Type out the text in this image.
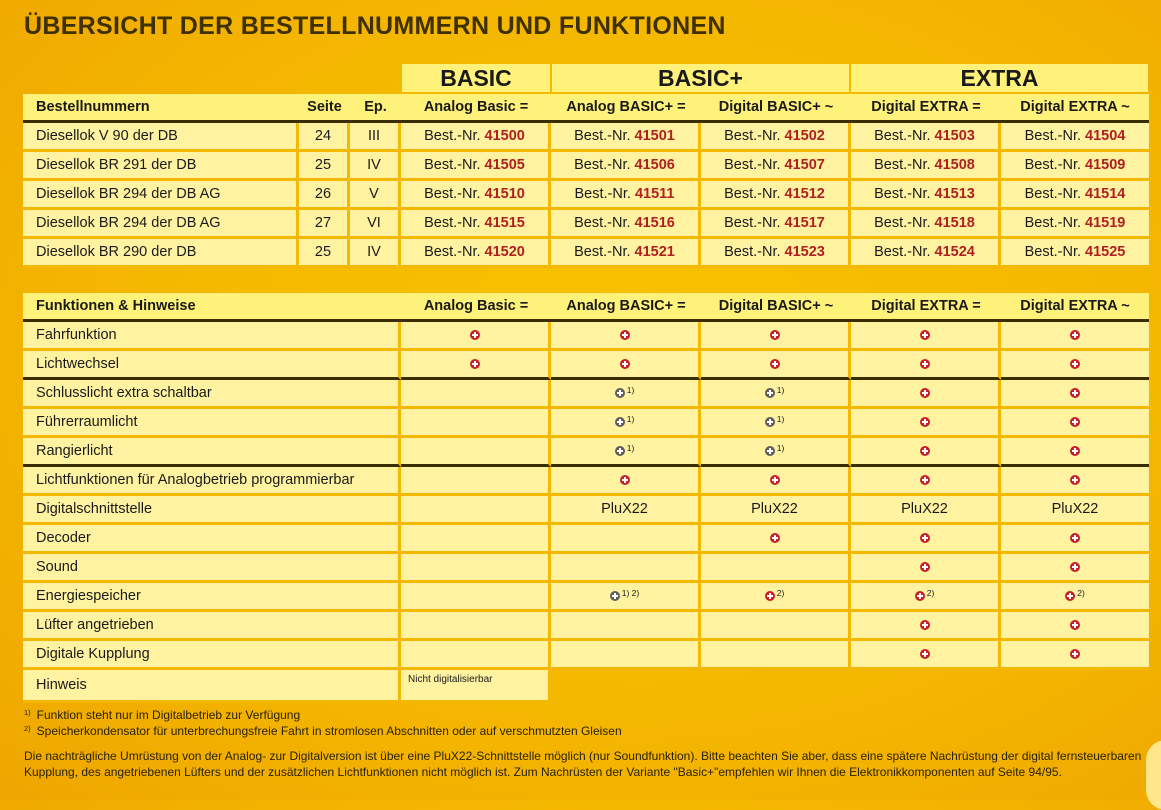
ÜBERSICHT DER BESTELLNUMMERN UND FUNKTIONEN
BASIC	BASIC+	EXTRA
Bestellnummern	Seite	Ep.	Analog Basic =	Analog BASIC+ =	Digital BASIC+ ~	Digital EXTRA =	Digital EXTRA ~
Diesellok V 90 der DB	24	III	Best.-Nr. 41500	Best.-Nr. 41501	Best.-Nr. 41502	Best.-Nr. 41503	Best.-Nr. 41504
Diesellok BR 291 der DB	25	IV	Best.-Nr. 41505	Best.-Nr. 41506	Best.-Nr. 41507	Best.-Nr. 41508	Best.-Nr. 41509
Diesellok BR 294 der DB AG	26	V	Best.-Nr. 41510	Best.-Nr. 41511	Best.-Nr. 41512	Best.-Nr. 41513	Best.-Nr. 41514
Diesellok BR 294 der DB AG	27	VI	Best.-Nr. 41515	Best.-Nr. 41516	Best.-Nr. 41517	Best.-Nr. 41518	Best.-Nr. 41519
Diesellok BR 290 der DB	25	IV	Best.-Nr. 41520	Best.-Nr. 41521	Best.-Nr. 41523	Best.-Nr. 41524	Best.-Nr. 41525
Funktionen & Hinweise	Analog Basic =	Analog BASIC+ =	Digital BASIC+ ~	Digital EXTRA =	Digital EXTRA ~
Fahrfunktion					
Lichtwechsel					
Schlusslicht extra schaltbar		$^{1)}$	$^{1)}$		
Führerraumlicht		$^{1)}$	$^{1)}$		
Rangierlicht		$^{1)}$	$^{1)}$		
Lichtfunktionen für Analogbetrieb programmierbar					
Digitalschnittstelle		PluX22	PluX22	PluX22	PluX22
Decoder					
Sound					
Energiespeicher		$^{1) 2)}$	$^{2)}$	$^{2)}$	$^{2)}$
Lüfter angetrieben					
Digitale Kupplung					
Hinweis	Nicht digitalisierbar				
$^{1)}$ Funktion steht nur im Digitalbetrieb zur Verfügung
$^{2)}$ Speicherkondensator für unterbrechungsfreie Fahrt in stromlosen Abschnitten oder auf verschmutzten Gleisen
Die nachträgliche Umrüstung von der Analog- zur Digitalversion ist über eine PluX22-Schnittstelle möglich (nur Soundfunktion). Bitte beachten Sie aber, dass eine spätere Nachrüstung der digital fernsteuerbaren Kupplung, des angetriebenen Lüfters und der zusätzlichen Lichtfunktionen nicht möglich ist. Zum Nachrüsten der Variante "Basic+"empfehlen wir Ihnen die Elektronikkomponenten auf Seite 94/95.
